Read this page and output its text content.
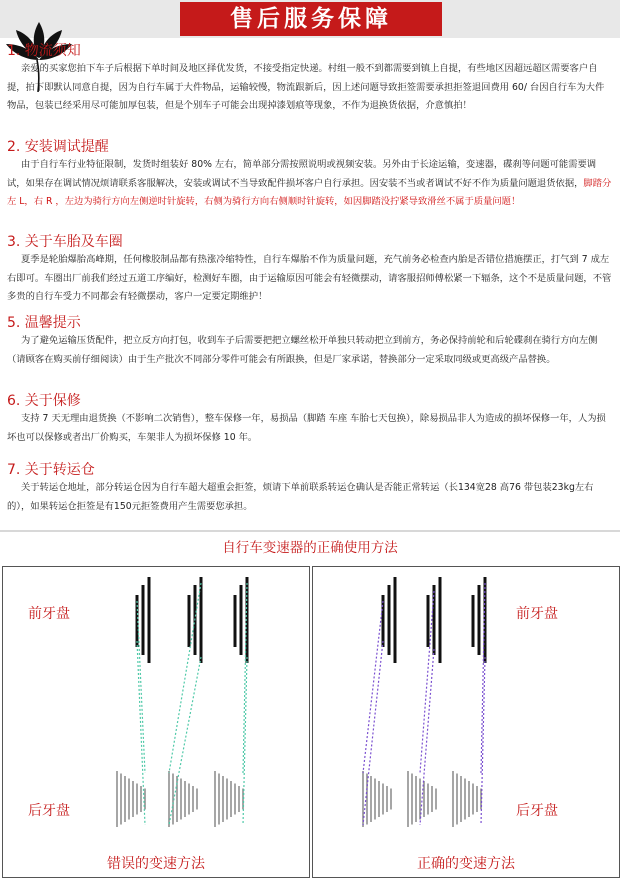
售后服务保障
1. 物流须知

亲爱的买家您拍下车子后根据下单时间及地区择优发货，不接受指定快递。村组一般不到都需要到镇上自提，有些地区因超远超区需要客户自提，拍下即默认同意自提，因为自行车属于大件物品，运输较慢，物流跟新后，因上述问题导致拒签需要承担拒签退回费用 60/ 台因自行车为大件物品，包装已经采用尽可能加厚包装，但是个别车子可能会出现掉漆划痕等现象，不作为退换货依据，介意慎拍！

2. 安装调试提醒

由于自行车行业特征限制，发货时组装好 80% 左右，简单部分需按照说明或视频安装。另外由于长途运输，变速器，碟刹等问题可能需要调试，如果存在调试情况烦请联系客服解决，安装或调试不当导致配件损坏客户自行承担。因安装不当或者调试不好不作为质量问题退货依据，脚踏分左 L，右 R ，左边为骑行方向左侧逆时针旋转，右侧为骑行方向右侧顺时针旋转，如因脚踏没拧紧导致滑丝不属于质量问题！

3. 关于车胎及车圈

夏季是轮胎爆胎高峰期，任何橡胶制品都有热涨冷缩特性，自行车爆胎不作为质量问题，充气前务必检查内胎是否错位措施摆正，打气到 7 成左右即可。车圈出厂前我们经过五道工序编好，检测好车圈，由于运输原因可能会有轻微摆动，请客服招师傅松紧一下辐条，这个不是质量问题，不管多贵的自行车受力不同都会有轻微摆动，客户一定要定期维护！

5. 温馨提示

为了避免运输压货配件，把立反方向打包，收到车子后需要把把立螺丝松开单独只转动把立到前方，务必保持前轮和后轮碟刹在骑行方向左侧（请顾客在购买前仔细阅读）由于生产批次不同部分零件可能会有所跟换，但是厂家承诺，替换部分一定采取同级或更高级产品替换。

6. 关于保修

支持 7 天无理由退货换（不影响二次销售），整车保修一年，易损品（脚踏 车座 车胎七天包换），除易损品非人为造成的损坏保修一年，人为损坏也可以保修或者出厂价购买，车架非人为损坏保修 10 年。

7. 关于转运仓

关于转运仓地址，部分转运仓因为自行车超大超重会拒签，烦请下单前联系转运仓确认是否能正常转运（长134宽28 高76 带包装23kg左右的），如果转运仓拒签是有150元拒签费用产生需要您承担。

自行车变速器的正确使用方法
前牙盘
后牙盘
错误的变速方法
前牙盘
后牙盘
正确的变速方法
